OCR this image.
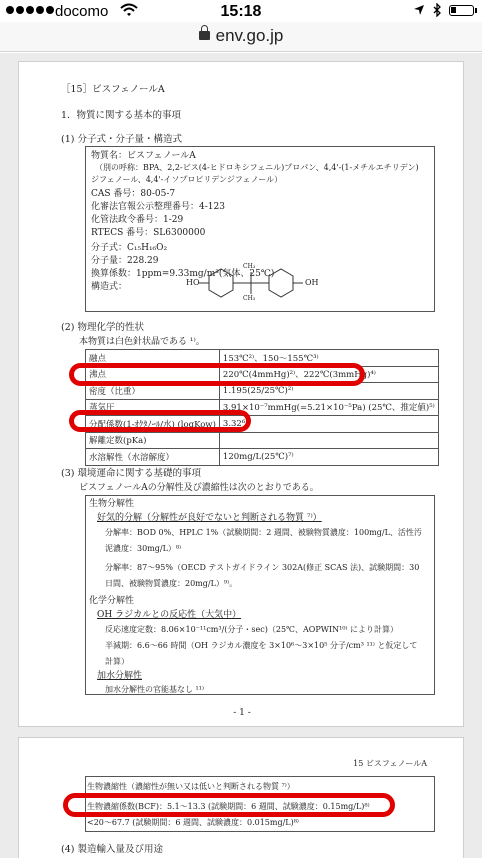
docomo	15:18
env.go.jp
［15］ビスフェノールA
1．物質に関する基本的事項
(1) 分子式・分子量・構造式
物質名：ビスフェノールA
（別の呼称：BPA、2,2-ビス(4-ヒドロキシフェニル)プロパン、4,4'-(1-メチルエチリデン)
ジフェノール、4,4'-イソプロピリデンジフェノール）
CAS 番号：80-05-7
化審法官報公示整理番号：4-123
化管法政令番号：1-29
RTECS 番号：SL6300000
分子式：C₁₅H₁₆O₂
分子量：228.29
換算係数：1ppm=9.33mg/m³(気体、25℃)
構造式：	HO	OH
CH₃
CH₃
(2) 物理化学的性状
本物質は白色針状晶である ¹⁾。
融点	153℃²⁾、150～155℃³⁾
沸点	220℃(4mmHg)²⁾、222℃(3mmHg)⁴⁾
密度（比重）	1.195(25/25℃)²⁾
蒸気圧	3.91×10⁻⁷mmHg(=5.21×10⁻⁵Pa) (25℃、推定値)⁵⁾
分配係数(1-ｵｸﾀﾉｰﾙ/水) (logKow)	3.32⁶⁾
解離定数(pKa)	
水溶解性（水溶解度）	120mg/L(25℃)⁷⁾
(3) 環境運命に関する基礎的事項
ビスフェノールAの分解性及び濃縮性は次のとおりである。
生物分解性
好気的分解（分解性が良好でないと判断される物質 ⁷⁾）
分解率：BOD 0%、HPLC 1%（試験期間：2 週間、被験物質濃度：100mg/L、活性汚
泥濃度：30mg/L）⁸⁾
分解率：87～95%（OECD テストガイドライン 302A(修正 SCAS 法)、試験期間：30
日間、被験物質濃度：20mg/L）⁹⁾。
化学分解性
OH ラジカルとの反応性（大気中）
反応速度定数：8.06×10⁻¹¹cm³/(分子・sec)（25℃、AOPWIN¹⁰⁾ により計算）
半減期：6.6～66 時間（OH ラジカル濃度を 3×10⁶～3×10⁵ 分子/cm³ ¹¹⁾ と仮定して
計算）
加水分解性
加水分解性の官能基なし ¹¹⁾
- 1 -
15 ビスフェノールA
生物濃縮性（濃縮性が無い又は低いと判断される物質 ⁷⁾）
生物濃縮係数(BCF)：5.1～13.3 (試験期間：6 週間、試験濃度：0.15mg/L)⁸⁾
<20～67.7 (試験期間：6 週間、試験濃度：0.015mg/L)⁸⁾
(4) 製造輸入量及び用途
